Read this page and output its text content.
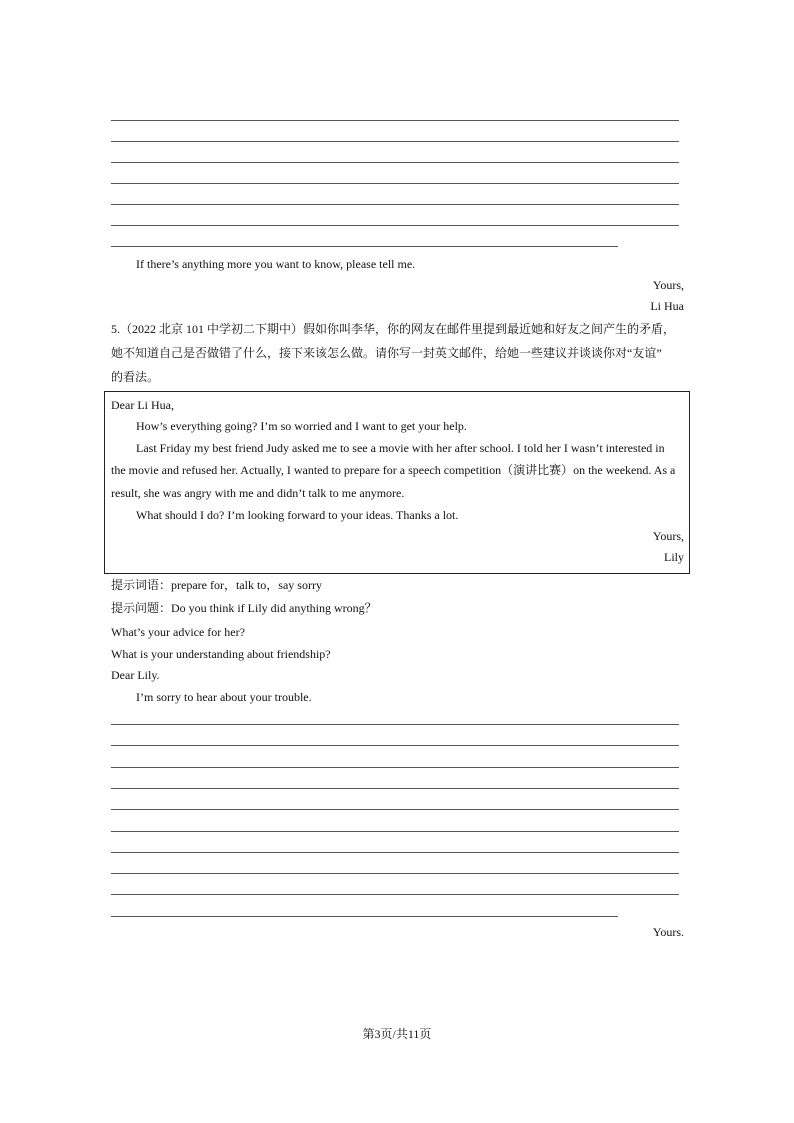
If there’s anything more you want to know, please tell me.
Yours,
Li Hua
5.（2022 北京 101 中学初二下期中）假如你叫李华，你的网友在邮件里提到最近她和好友之间产生的矛盾，
她不知道自己是否做错了什么，接下来该怎么做。请你写一封英文邮件，给她一些建议并谈谈你对“友谊”
的看法。
Dear Li Hua,
How’s everything going? I’m so worried and I want to get your help.
Last Friday my best friend Judy asked me to see a movie with her after school. I told her I wasn’t interested in
the movie and refused her. Actually, I wanted to prepare for a speech competition（演讲比赛）on the weekend. As a
result, she was angry with me and didn’t talk to me anymore.
What should I do? I’m looking forward to your ideas. Thanks a lot.
Yours,
Lily
提示词语：prepare for，talk to，say sorry
提示问题：Do you think if Lily did anything wrong？
What’s your advice for her?
What is your understanding about friendship?
Dear Lily.
I’m sorry to hear about your trouble.
Yours.
第3页/共11页
